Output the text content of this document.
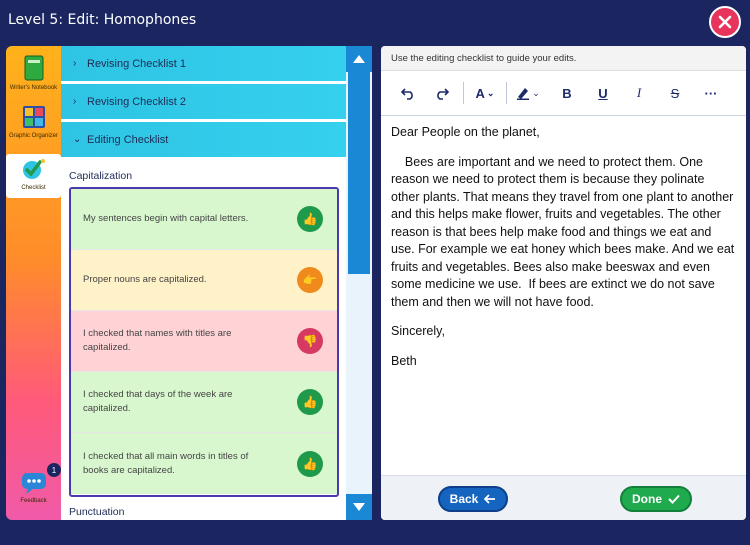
Level 5: Edit: Homophones
Writer's Notebook
Graphic Organizer
Checklist
Feedback
1
› Revising Checklist 1
› Revising Checklist 2
⌄ Editing Checklist
Capitalization
My sentences begin with capital letters.	👍
Proper nouns are capitalized.	👉
I checked that names with titles are capitalized.	👎
I checked that days of the week are capitalized.	👍
I checked that all main words in titles of books are capitalized.	👍
Punctuation
Use the editing checklist to guide your edits.
A ⌄	⌄	B	U	I	S	···

Dear People on the planet,

Bees are important and we need to protect them. One reason we need to protect them is because they polinate other plants. That means they travel from one plant to another and this helps make flower, fruits and vegetables. The other reason is that bees help make food and things we eat and use. For example we eat honey which bees make. And we eat fruits and vegetables. Bees also make beeswax and even some medicine we use.  If bees are extinct we do not save them and then we will not have food.

Sincerely,

Beth

Back	Done
